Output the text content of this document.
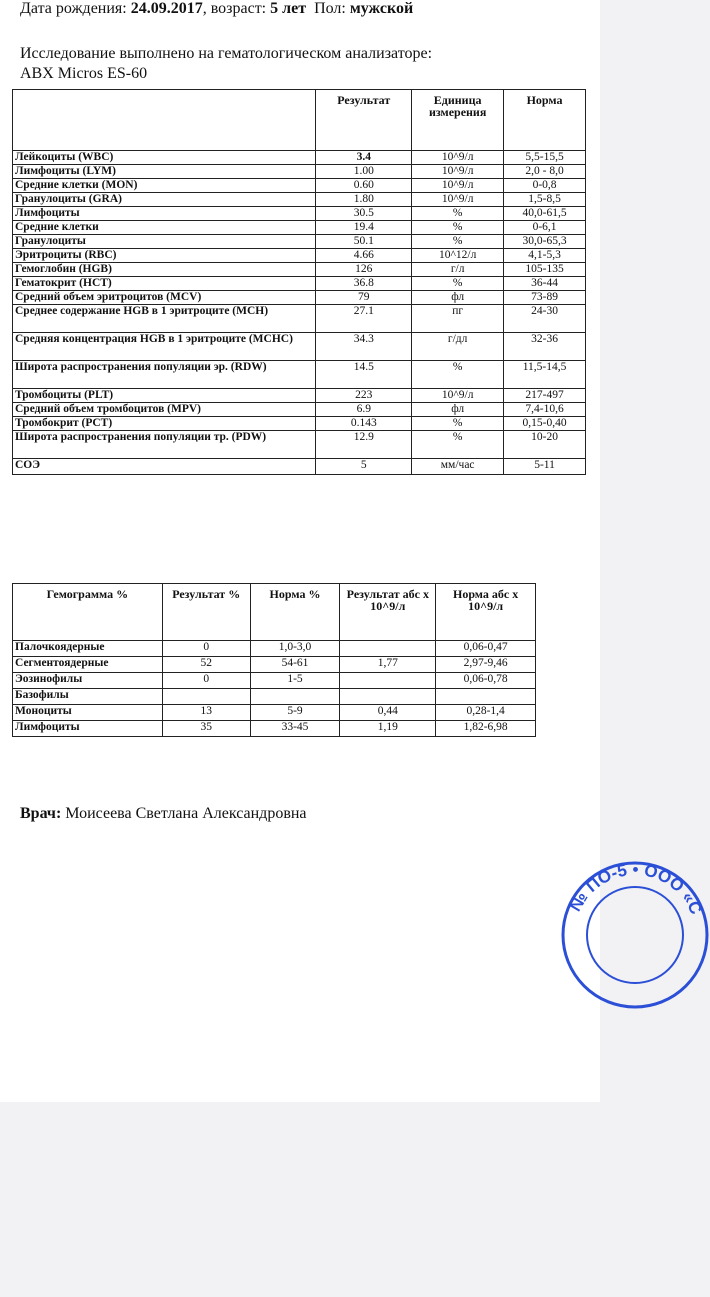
Дата рождения: 24.09.2017, возраст: 5 лет Пол: мужской
Исследование выполнено на гематологическом анализаторе:
ABX Micros ES-60
	Результат	Единица измерения	Норма
Лейкоциты (WBC)	3.4	10^9/л	5,5-15,5
Лимфоциты (LYM)	1.00	10^9/л	2,0 - 8,0
Средние клетки (MON)	0.60	10^9/л	0-0,8
Гранулоциты (GRA)	1.80	10^9/л	1,5-8,5
Лимфоциты	30.5	%	40,0-61,5
Средние клетки	19.4	%	0-6,1
Гранулоциты	50.1	%	30,0-65,3
Эритроциты (RBC)	4.66	10^12/л	4,1-5,3
Гемоглобин (HGB)	126	г/л	105-135
Гематокрит (HCT)	36.8	%	36-44
Средний объем эритроцитов (MCV)	79	фл	73-89
Среднее содержание HGB в 1 эритроците (MCH)	27.1	пг	24-30
Средняя концентрация HGB в 1 эритроците (MCHC)	34.3	г/дл	32-36
Широта распространения популяции эр. (RDW)	14.5	%	11,5-14,5
Тромбоциты (PLT)	223	10^9/л	217-497
Средний объем тромбоцитов (MPV)	6.9	фл	7,4-10,6
Тромбокрит (PCT)	0.143	%	0,15-0,40
Широта распространения популяции тр. (PDW)	12.9	%	10-20
СОЭ	5	мм/час	5-11
Гемограмма %	Результат %	Норма %	Результат абс х 10^9/л	Норма абс х 10^9/л
Палочкоядерные	0	1,0-3,0		0,06-0,47
Сегментоядерные	52	54-61	1,77	2,97-9,46
Эозинофилы	0	1-5		0,06-0,78
Базофилы				
Моноциты	13	5-9	0,44	0,28-1,4
Лимфоциты	35	33-45	1,19	1,82-6,98
Врач: Моисеева Светлана Александровна
№ ПО-5 • ООО «С
